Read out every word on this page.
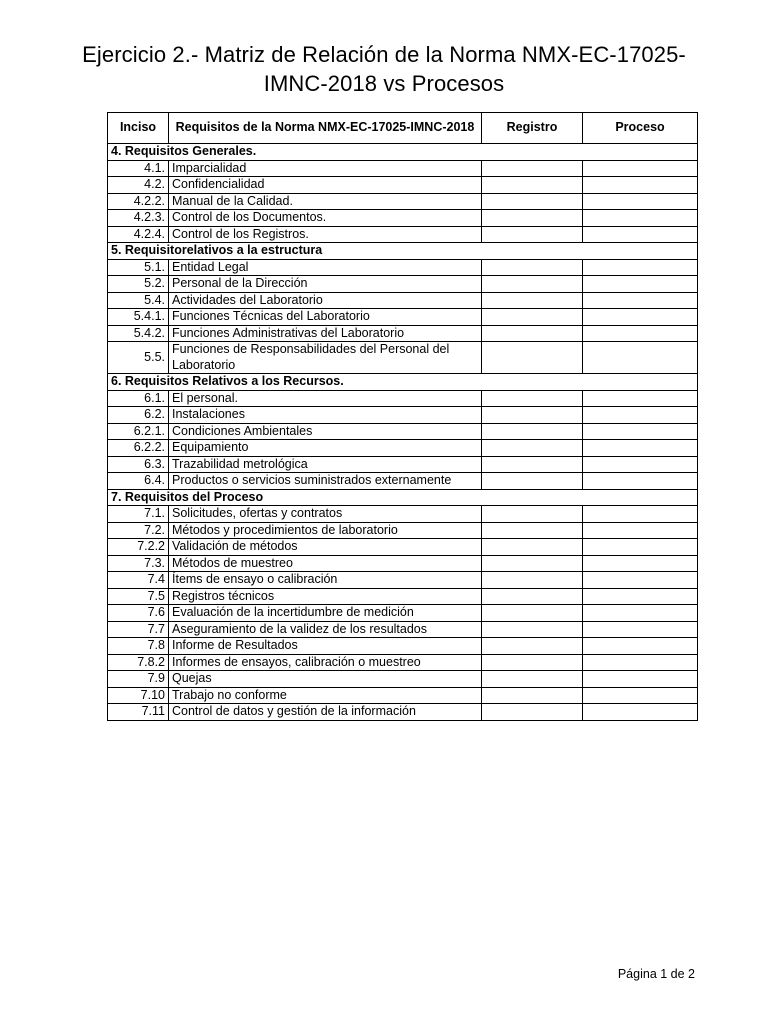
Ejercicio 2.- Matriz de Relación de la Norma NMX-EC-17025-IMNC-2018 vs Procesos
Inciso	Requisitos de la Norma NMX-EC-17025-IMNC-2018	Registro	Proceso
4. Requisitos Generales.			
4.1.	Imparcialidad		
4.2.	Confidencialidad		
4.2.2.	Manual de la Calidad.		
4.2.3.	Control de los Documentos.		
4.2.4.	Control de los Registros.		
5. Requisitorelativos a la estructura			
5.1.	Entidad Legal		
5.2.	Personal de la Dirección		
5.4.	Actividades del Laboratorio		
5.4.1.	Funciones Técnicas del Laboratorio		
5.4.2.	Funciones Administrativas del Laboratorio		
5.5.	Funciones de Responsabilidades del Personal del Laboratorio		
6. Requisitos Relativos a los Recursos.			
6.1.	El personal.		
6.2.	Instalaciones		
6.2.1.	Condiciones Ambientales		
6.2.2.	Equipamiento		
6.3.	Trazabilidad metrológica		
6.4.	Productos o servicios suministrados externamente		
7. Requisitos del Proceso			
7.1.	Solicitudes, ofertas y contratos		
7.2.	Métodos y procedimientos de laboratorio		
7.2.2	Validación de métodos		
7.3.	Métodos de muestreo		
7.4	Ítems de ensayo o calibración		
7.5	Registros técnicos		
7.6	Evaluación de la incertidumbre de medición		
7.7	Aseguramiento de la validez de los resultados		
7.8	Informe de Resultados		
7.8.2	Informes de ensayos, calibración o muestreo		
7.9	Quejas		
7.10	Trabajo no conforme		
7.11	Control de datos y gestión de la información		
Página 1 de 2
